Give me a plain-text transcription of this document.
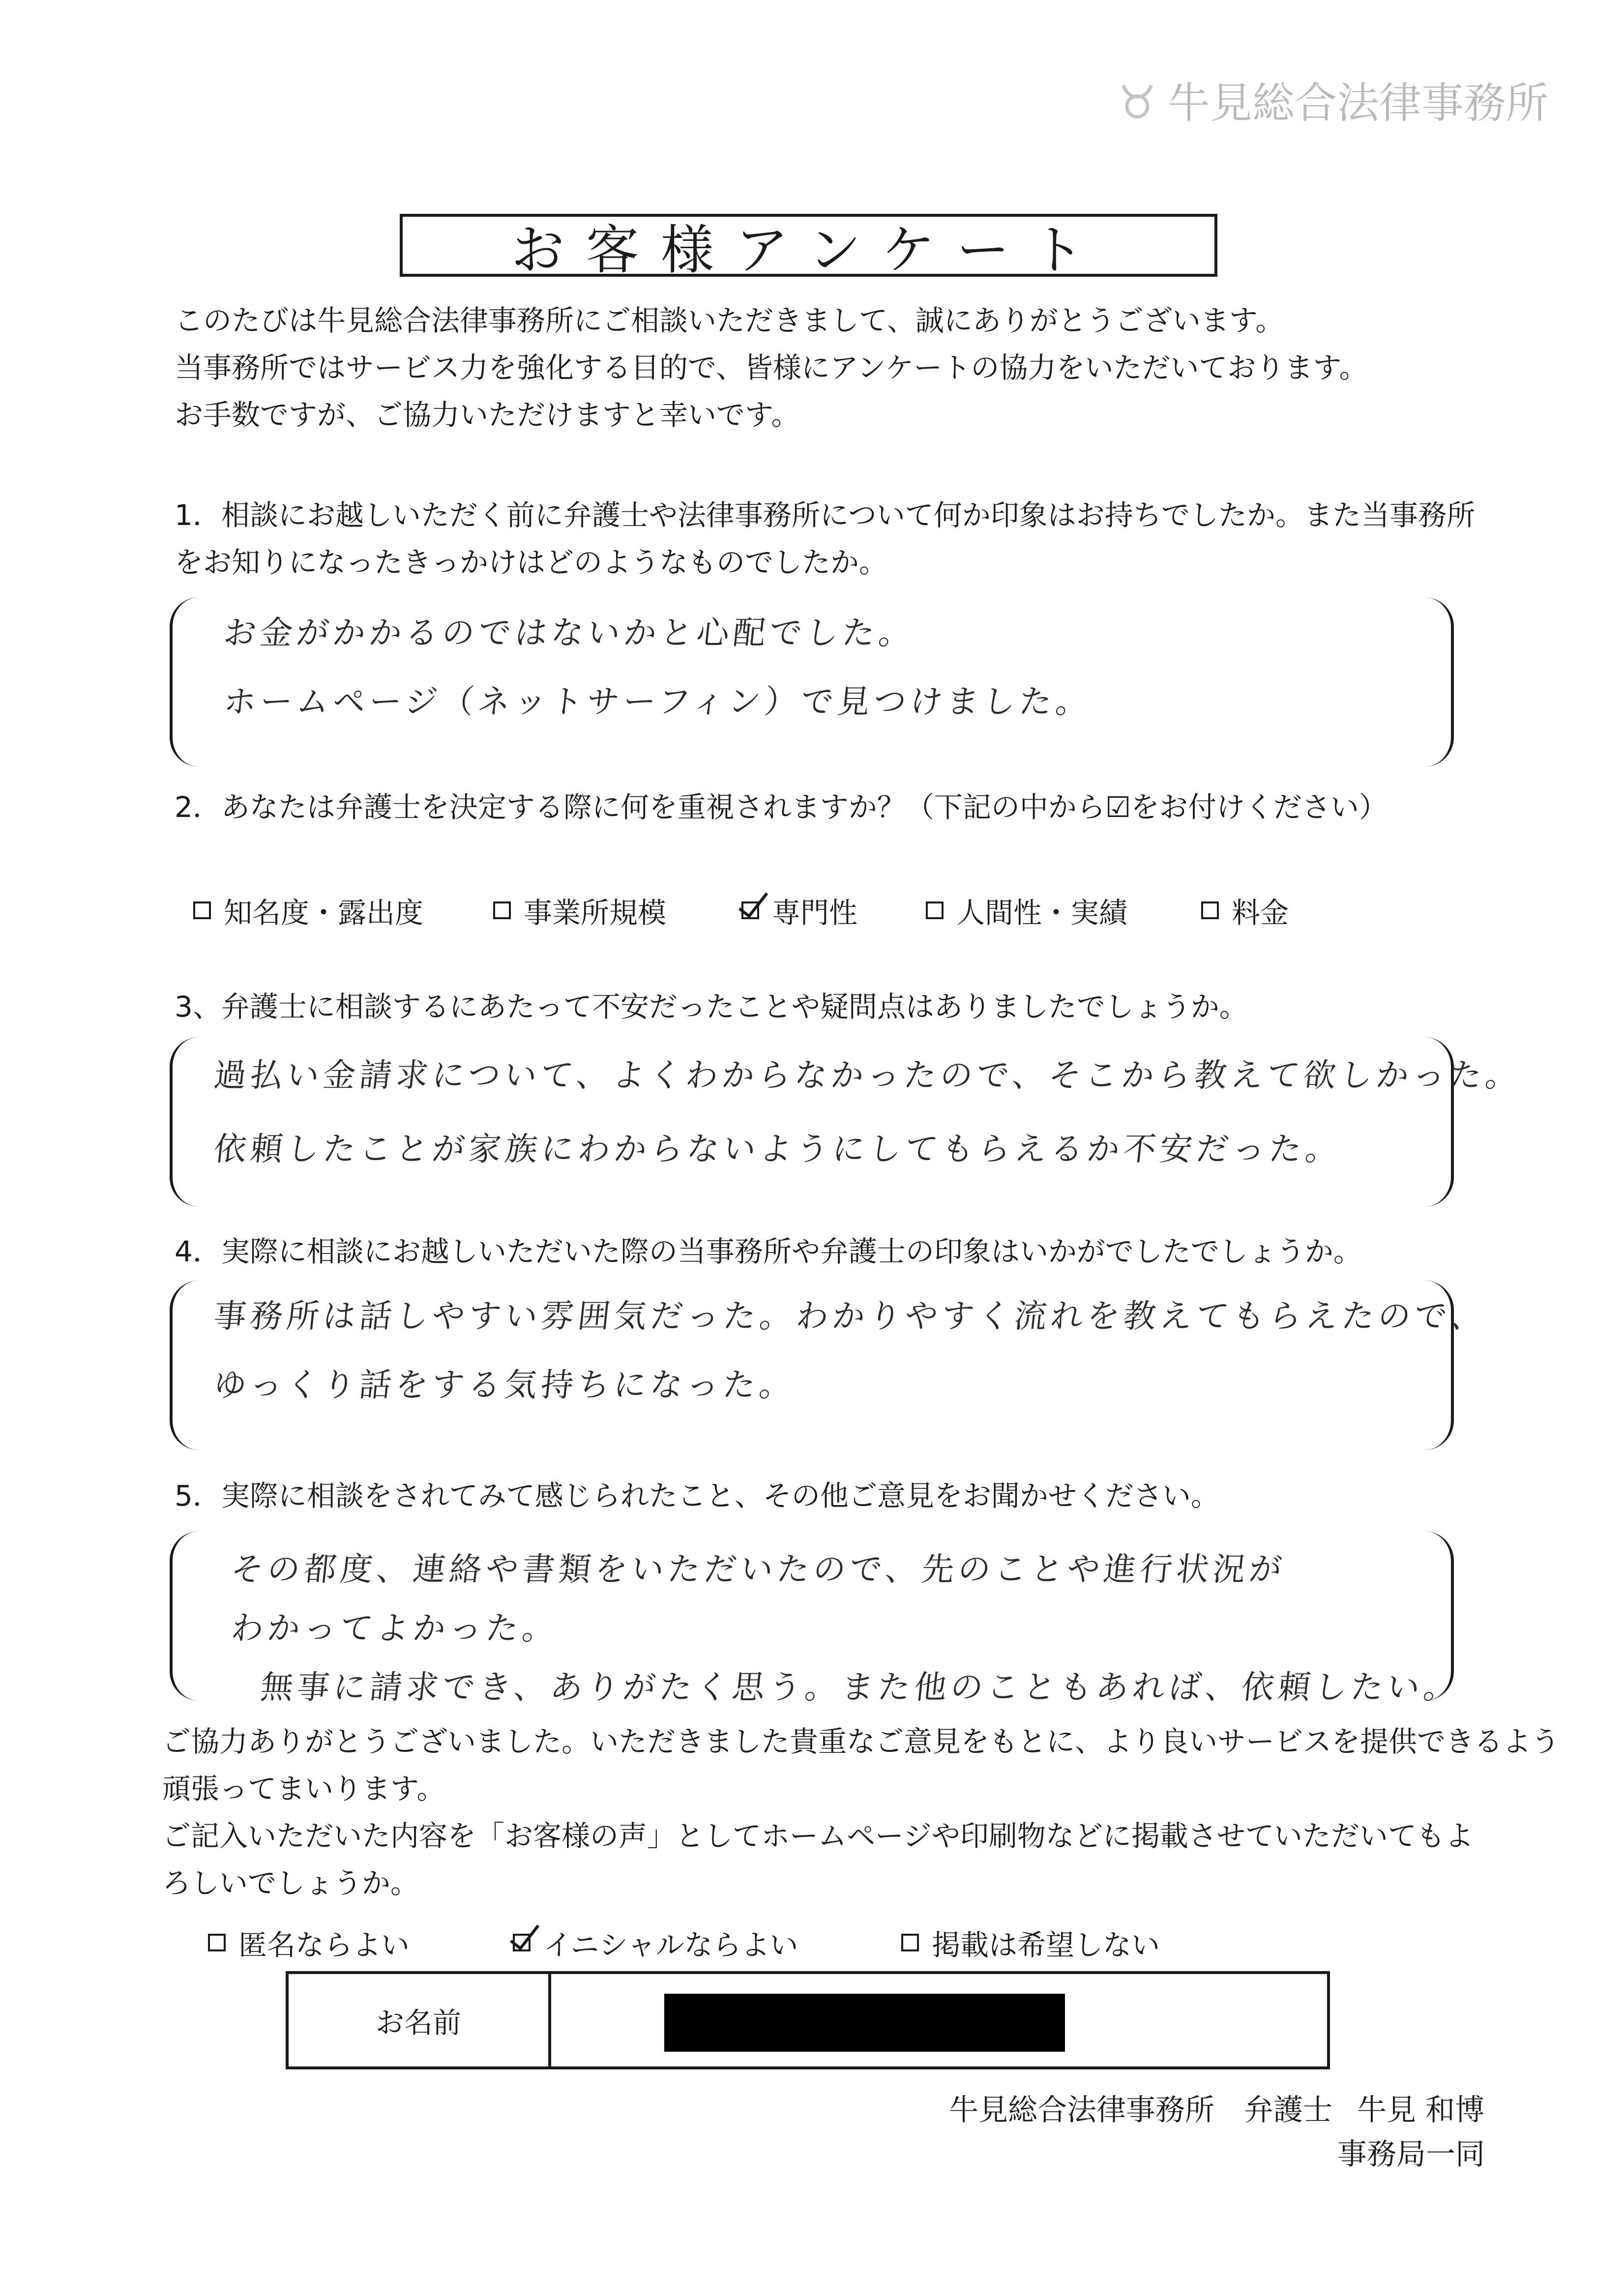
牛見総合法律事務所
お客様アンケート
このたびは牛見総合法律事務所にご相談いただきまして、誠にありがとうございます。
当事務所ではサービス力を強化する目的で、皆様にアンケートの協力をいただいております。
お手数ですが、ご協力いただけますと幸いです。
1．相談にお越しいただく前に弁護士や法律事務所について何か印象はお持ちでしたか。また当事務所
をお知りになったきっかけはどのようなものでしたか。
お金がかかるのではないかと心配でした。
ホームページ（ネットサーフィン）で見つけました。
2．あなたは弁護士を決定する際に何を重視されますか？（下記の中から☑をお付けください）
知名度・露出度	事業所規模	専門性	人間性・実績	料金
3、弁護士に相談するにあたって不安だったことや疑問点はありましたでしょうか。
過払い金請求について、よくわからなかったので、そこから教えて欲しかった。
依頼したことが家族にわからないようにしてもらえるか不安だった。
4．実際に相談にお越しいただいた際の当事務所や弁護士の印象はいかがでしたでしょうか。
事務所は話しやすい雰囲気だった。わかりやすく流れを教えてもらえたので、
ゆっくり話をする気持ちになった。
5．実際に相談をされてみて感じられたこと、その他ご意見をお聞かせください。
その都度、連絡や書類をいただいたので、先のことや進行状況が
わかってよかった。
無事に請求でき、ありがたく思う。また他のこともあれば、依頼したい。
ご協力ありがとうございました。いただきました貴重なご意見をもとに、より良いサービスを提供できるよう
頑張ってまいります。
ご記入いただいた内容を「お客様の声」としてホームページや印刷物などに掲載させていただいてもよ
ろしいでしょうか。
匿名ならよい	イニシャルならよい	掲載は希望しない
お名前
牛見総合法律事務所 弁護士 牛見 和博
事務局一同
